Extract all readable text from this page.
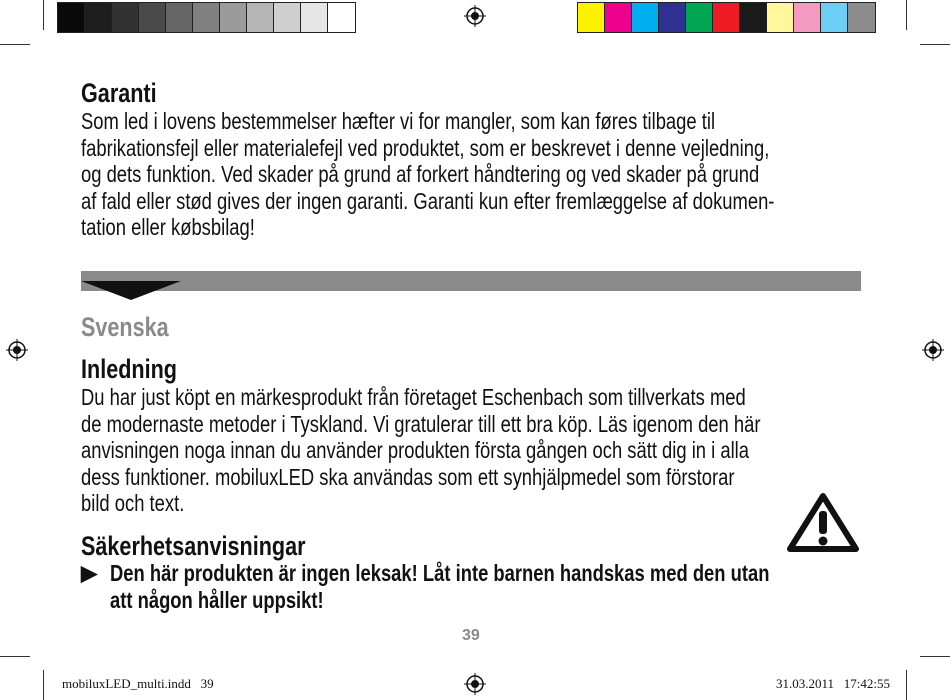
Garanti
Som led i lovens bestemmelser hæfter vi for mangler, som kan føres tilbage til
fabrikationsfejl eller materialefejl ved produktet, som er beskrevet i denne vejledning,
og dets funktion. Ved skader på grund af forkert håndtering og ved skader på grund
af fald eller stød gives der ingen garanti. Garanti kun efter fremlæggelse af dokumen-
tation eller købsbilag!
Svenska
Inledning
Du har just köpt en märkesprodukt från företaget Eschenbach som tillverkats med
de modernaste metoder i Tyskland. Vi gratulerar till ett bra köp. Läs igenom den här
anvisningen noga innan du använder produkten första gången och sätt dig in i alla
dess funktioner. mobiluxLED ska användas som ett synhjälpmedel som förstorar
bild och text.
Säkerhetsanvisningar
▶ Den här produkten är ingen leksak! Låt inte barnen handskas med den utan
att någon håller uppsikt!
39
mobiluxLED_multi.indd   39	31.03.2011   17:42:55
